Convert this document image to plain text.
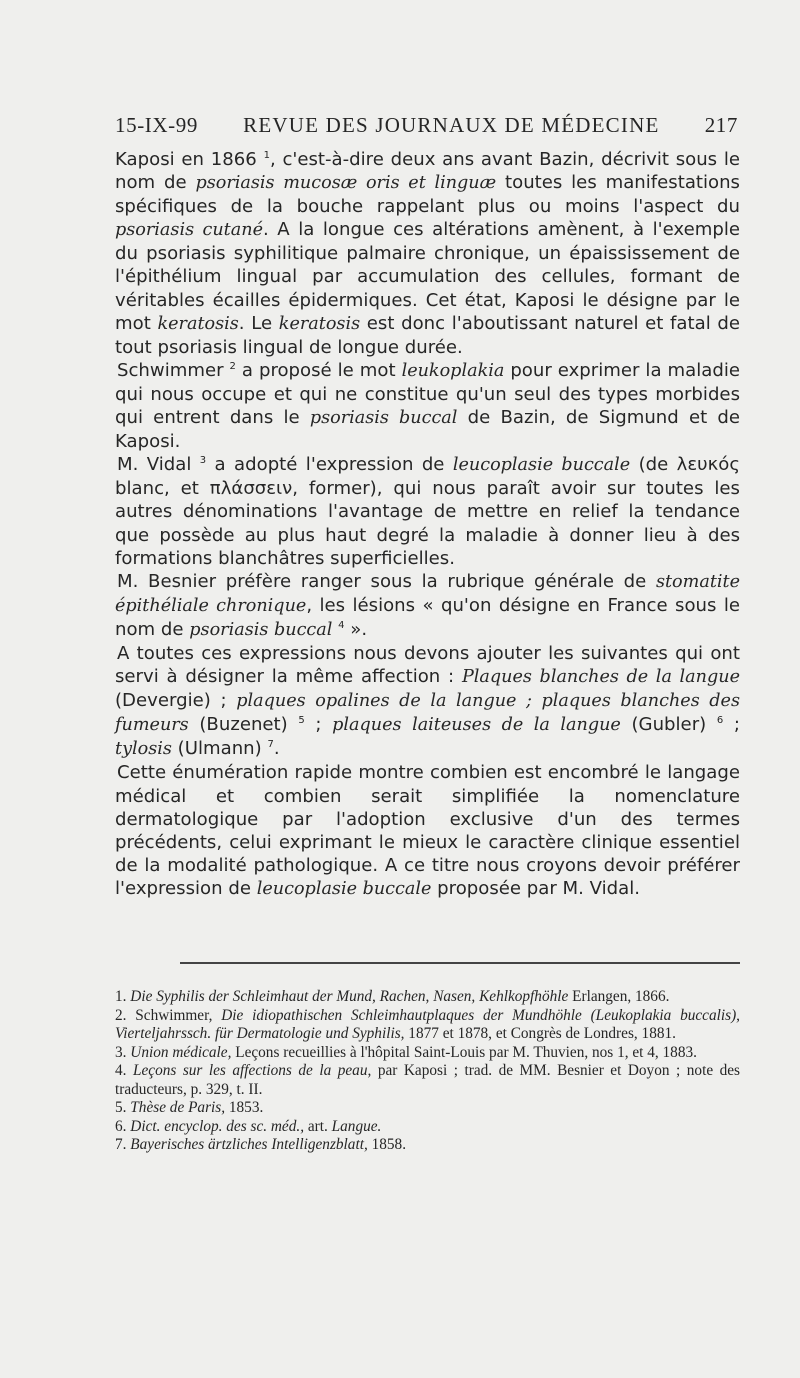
15-IX-99 REVUE DES JOURNAUX DE MÉDECINE 217

Kaposi en 1866 $^1$, c'est-à-dire deux ans avant Bazin, décrivit sous le nom de psoriasis mucosæ oris et linguæ toutes les manifestations spécifiques de la bouche rappelant plus ou moins l'aspect du psoriasis cutané. A la longue ces altérations amènent, à l'exemple du psoriasis syphilitique palmaire chronique, un épaississement de l'épithélium lingual par accumulation des cellules, formant de véritables écailles épidermiques. Cet état, Kaposi le désigne par le mot keratosis. Le keratosis est donc l'aboutissant naturel et fatal de tout psoriasis lingual de longue durée.

Schwimmer $^2$ a proposé le mot leukoplakia pour exprimer la maladie qui nous occupe et qui ne constitue qu'un seul des types morbides qui entrent dans le psoriasis buccal de Bazin, de Sigmund et de Kaposi.

M. Vidal $^3$ a adopté l'expression de leucoplasie buccale (de λευκός blanc, et πλάσσειν, former), qui nous paraît avoir sur toutes les autres dénominations l'avantage de mettre en relief la tendance que possède au plus haut degré la maladie à donner lieu à des formations blanchâtres superficielles.

M. Besnier préfère ranger sous la rubrique générale de stomatite épithéliale chronique, les lésions « qu'on désigne en France sous le nom de psoriasis buccal $^4$ ».

A toutes ces expressions nous devons ajouter les suivantes qui ont servi à désigner la même affection : Plaques blanches de la langue (Devergie) ; plaques opalines de la langue ; plaques blanches des fumeurs (Buzenet) $^5$ ; plaques laiteuses de la langue (Gubler) $^6$ ; tylosis (Ulmann) $^7$.

Cette énumération rapide montre combien est encombré le langage médical et combien serait simplifiée la nomenclature dermatologique par l'adoption exclusive d'un des termes précédents, celui exprimant le mieux le caractère clinique essentiel de la modalité pathologique. A ce titre nous croyons devoir préférer l'expression de leucoplasie buccale proposée par M. Vidal.

1. Die Syphilis der Schleimhaut der Mund, Rachen, Nasen, Kehlkopfhöhle Erlangen, 1866.

2. Schwimmer, Die idiopathischen Schleimhautplaques der Mundhöhle (Leukoplakia buccalis), Vierteljahrssch. für Dermatologie und Syphilis, 1877 et 1878, et Congrès de Londres, 1881.

3. Union médicale, Leçons recueillies à l'hôpital Saint-Louis par M. Thuvien, nos 1, et 4, 1883.

4. Leçons sur les affections de la peau, par Kaposi ; trad. de MM. Besnier et Doyon ; note des traducteurs, p. 329, t. II.

5. Thèse de Paris, 1853.

6. Dict. encyclop. des sc. méd., art. Langue.

7. Bayerisches ärtzliches Intelligenzblatt, 1858.
